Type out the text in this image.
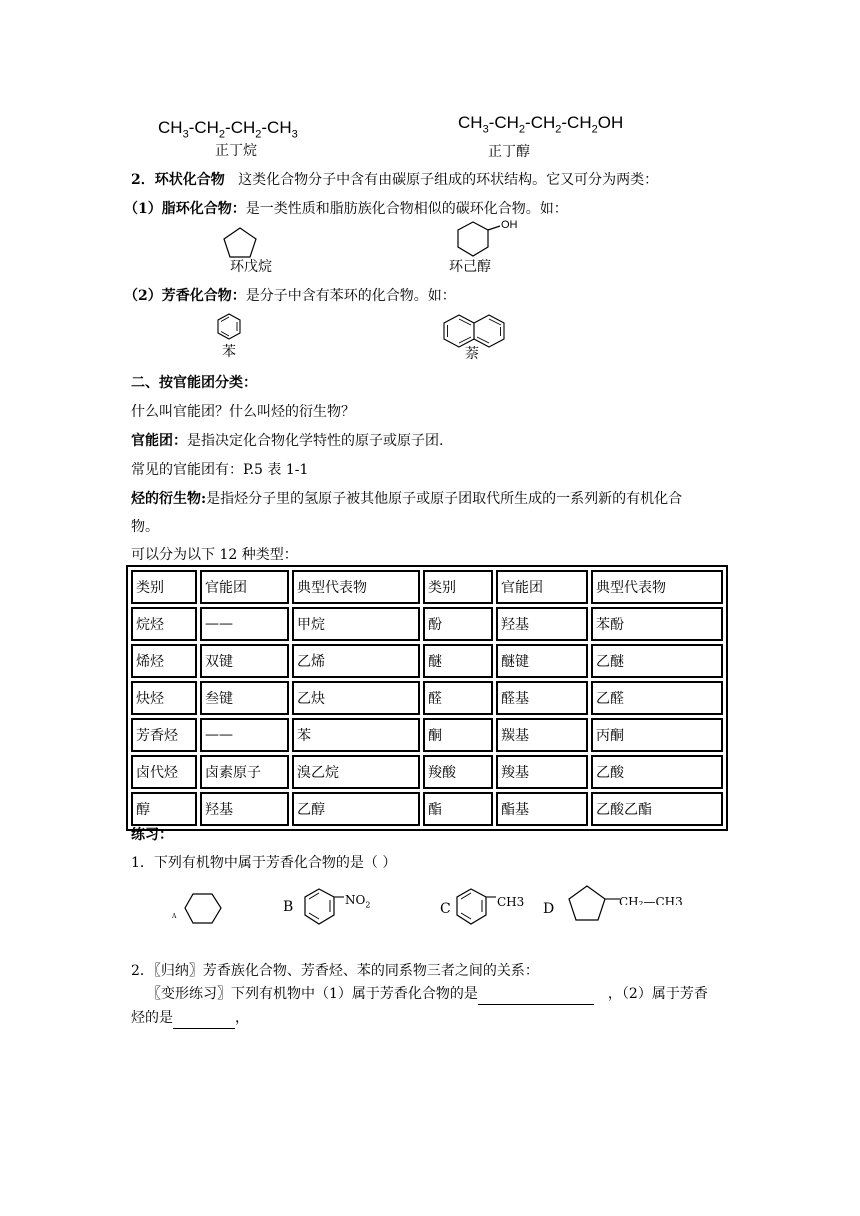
$CH_3-CH_2-CH_2-CH_3$
正丁烷
$CH_3-CH_2-CH_2-CH_2OH$
正丁醇
2．环状化合物 这类化合物分子中含有由碳原子组成的环状结构。它又可分为两类：
（1）脂环化合物：是一类性质和脂肪族化合物相似的碳环化合物。如：
环戊烷
OH
环己醇
（2）芳香化合物：是分子中含有苯环的化合物。如：
苯	萘
二、按官能团分类：
什么叫官能团？什么叫烃的衍生物？
官能团：是指决定化合物化学特性的原子或原子团.
常见的官能团有：P.5 表 1-1
烃的衍生物:是指烃分子里的氢原子被其他原子或原子团取代所生成的一系列新的有机化合
物。
可以分为以下 12 种类型：
类别	官能团	典型代表物	类别	官能团	典型代表物
烷烃	——	甲烷	酚	羟基	苯酚
烯烃	双键	乙烯	醚	醚键	乙醚
炔烃	叁键	乙炔	醛	醛基	乙醛
芳香烃	——	苯	酮	羰基	丙酮
卤代烃	卤素原子	溴乙烷	羧酸	羧基	乙酸
醇	羟基	乙醇	酯	酯基	乙酸乙酯
练习：
1．下列有机物中属于芳香化合物的是（ ）
A
B	$NO_2$	C	CH3 D	CH₂—CH3
2．〖归纳〗芳香族化合物、芳香烃、苯的同系物三者之间的关系：
〖变形练习〗下列有机物中（1）属于芳香化合物的是	，（2）属于芳香
烃的是	，
